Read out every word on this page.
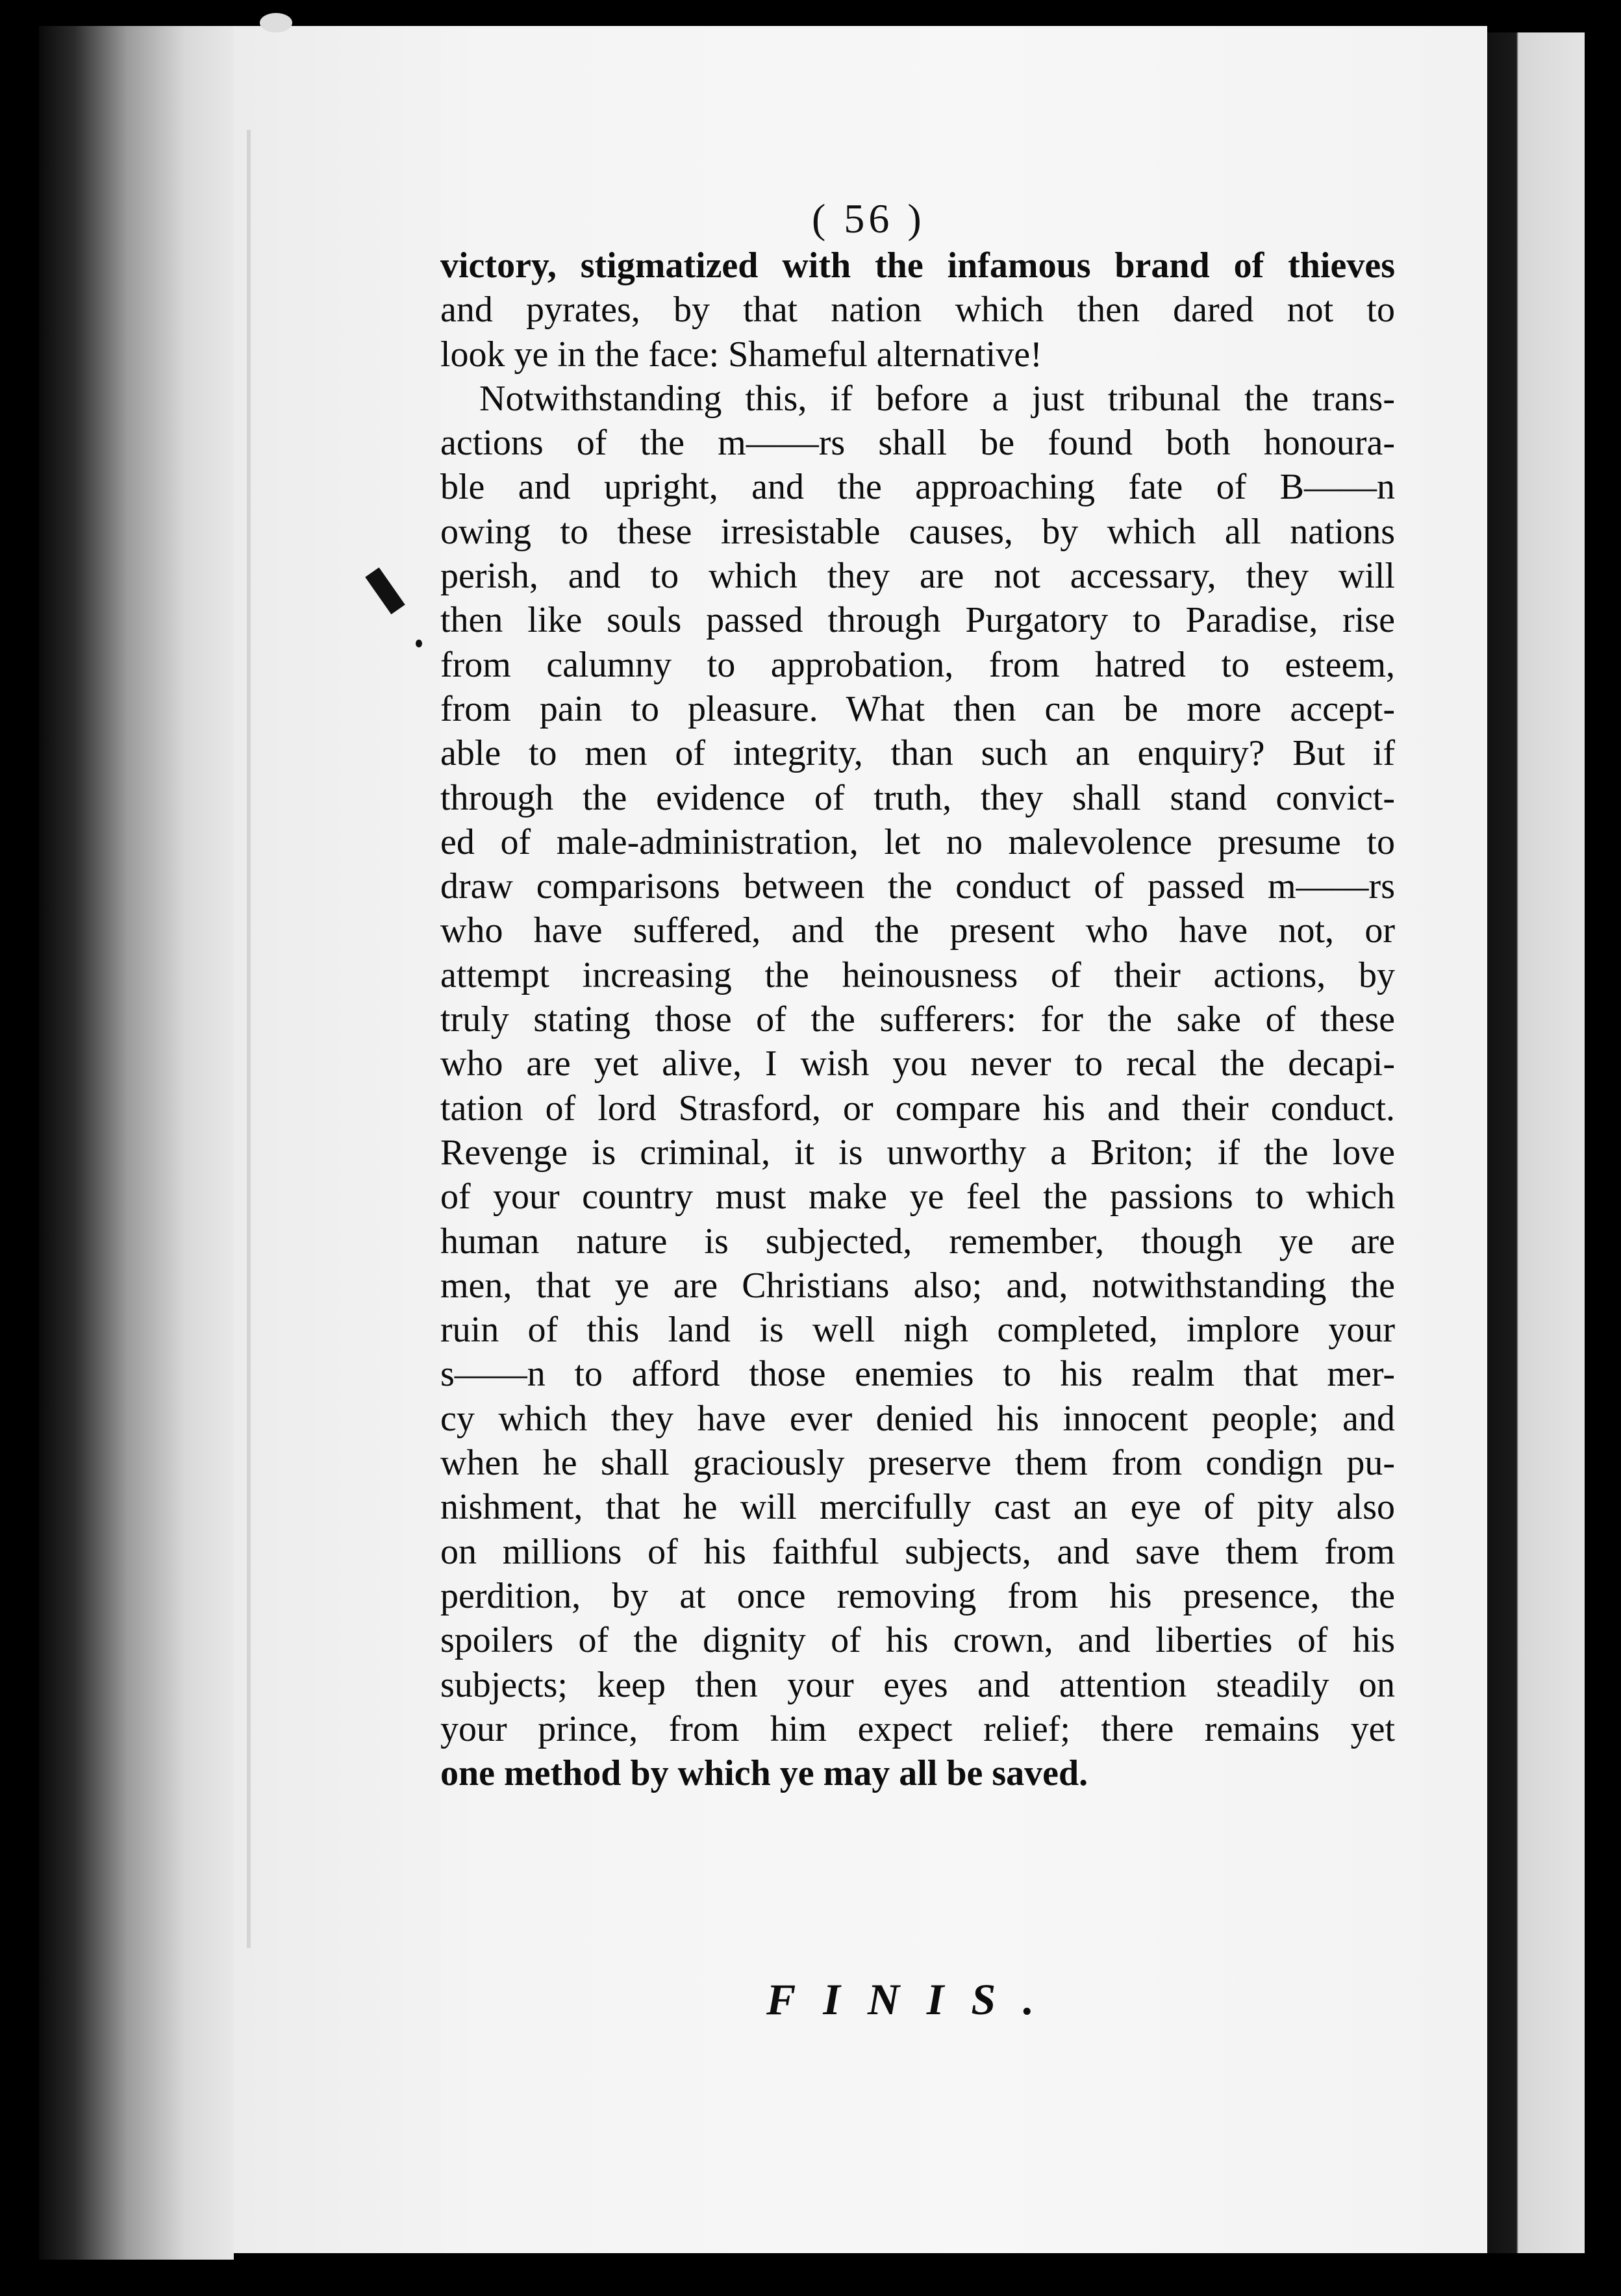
( 56 )
victory, stigmatized with the infamous brand of thieves
and pyrates, by that nation which then dared not to
look ye in the face: Shameful alternative!
Notwithstanding this, if before a just tribunal the trans-
actions of the m——rs shall be found both honoura-
ble and upright, and the approaching fate of B——n
owing to these irresistable causes, by which all nations
perish, and to which they are not accessary, they will
then like souls passed through Purgatory to Paradise, rise
from calumny to approbation, from hatred to esteem,
from pain to pleasure. What then can be more accept-
able to men of integrity, than such an enquiry? But if
through the evidence of truth, they shall stand convict-
ed of male-administration, let no malevolence presume to
draw comparisons between the conduct of passed m——rs
who have suffered, and the present who have not, or
attempt increasing the heinousness of their actions, by
truly stating those of the sufferers: for the sake of these
who are yet alive, I wish you never to recal the decapi-
tation of lord Strasford, or compare his and their conduct.
Revenge is criminal, it is unworthy a Briton; if the love
of your country must make ye feel the passions to which
human nature is subjected, remember, though ye are
men, that ye are Christians also; and, notwithstanding the
ruin of this land is well nigh completed, implore your
s——n to afford those enemies to his realm that mer-
cy which they have ever denied his innocent people; and
when he shall graciously preserve them from condign pu-
nishment, that he will mercifully cast an eye of pity also
on millions of his faithful subjects, and save them from
perdition, by at once removing from his presence, the
spoilers of the dignity of his crown, and liberties of his
subjects; keep then your eyes and attention steadily on
your prince, from him expect relief; there remains yet
one method by which ye may all be saved.
FINIS.
